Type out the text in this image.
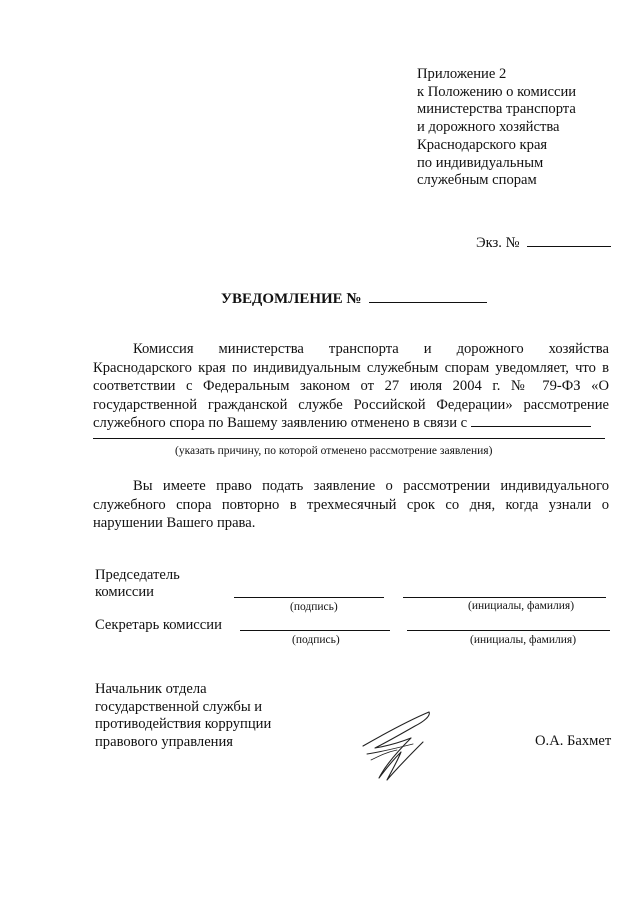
Приложение 2
к Положению о комиссии
министерства транспорта
и дорожного хозяйства
Краснодарского края
по индивидуальным
служебным спорам
Экз. №
УВЕДОМЛЕНИЕ №
Комиссия министерства транспорта и дорожного хозяйства
Краснодарского края по индивидуальным служебным спорам уведомляет, что в
соответствии с Федеральным законом от 27 июля 2004 г. № 79-ФЗ «О
государственной гражданской службе Российской Федерации» рассмотрение
служебного спора по Вашему заявлению отменено в связи с
(указать причину, по которой отменено рассмотрение заявления)
Вы имеете право подать заявление о рассмотрении индивидуального
служебного спора повторно в трехмесячный срок со дня, когда узнали о
нарушении Вашего права.
Председатель
комиссии
(подпись)	(инициалы, фамилия)
Секретарь комиссии
(подпись)	(инициалы, фамилия)
Начальник отдела
государственной службы и
противодействия коррупции
правового управления	О.А. Бахмет
